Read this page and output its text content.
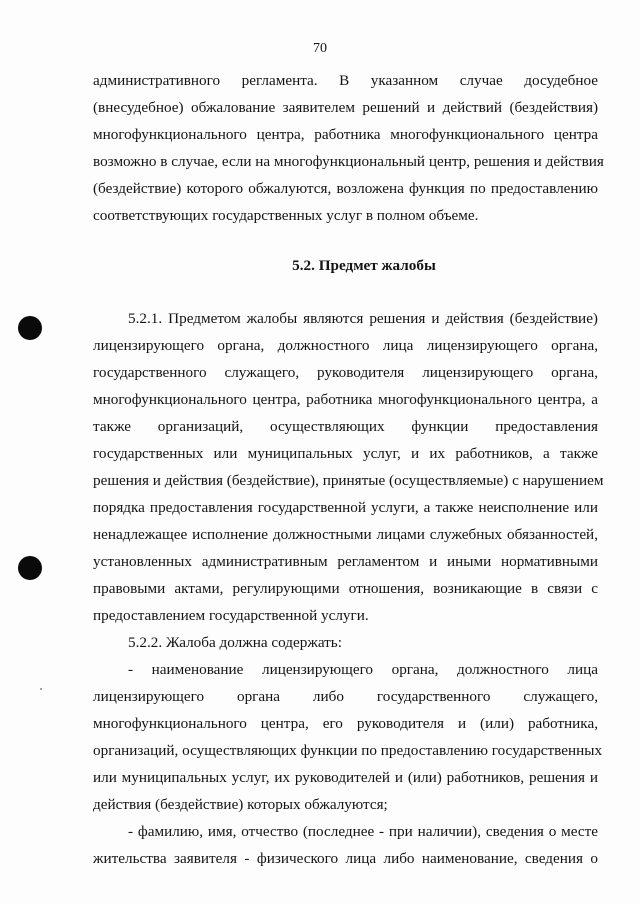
70
административного регламента. В указанном случае досудебное
(внесудебное) обжалование заявителем решений и действий (бездействия)
многофункционального центра, работника многофункционального центра
возможно в случае, если на многофункциональный центр, решения и действия
(бездействие) которого обжалуются, возложена функция по предоставлению
соответствующих государственных услуг в полном объеме.
5.2. Предмет жалобы
5.2.1. Предметом жалобы являются решения и действия (бездействие)
лицензирующего органа, должностного лица лицензирующего органа,
государственного служащего, руководителя лицензирующего органа,
многофункционального центра, работника многофункционального центра, а
также организаций, осуществляющих функции предоставления
государственных или муниципальных услуг, и их работников, а также
решения и действия (бездействие), принятые (осуществляемые) с нарушением
порядка предоставления государственной услуги, а также неисполнение или
ненадлежащее исполнение должностными лицами служебных обязанностей,
установленных административным регламентом и иными нормативными
правовыми актами, регулирующими отношения, возникающие в связи с
предоставлением государственной услуги.
5.2.2. Жалоба должна содержать:
- наименование лицензирующего органа, должностного лица
лицензирующего органа либо государственного служащего,
многофункционального центра, его руководителя и (или) работника,
организаций, осуществляющих функции по предоставлению государственных
или муниципальных услуг, их руководителей и (или) работников, решения и
действия (бездействие) которых обжалуются;
- фамилию, имя, отчество (последнее - при наличии), сведения о месте
жительства заявителя - физического лица либо наименование, сведения о
